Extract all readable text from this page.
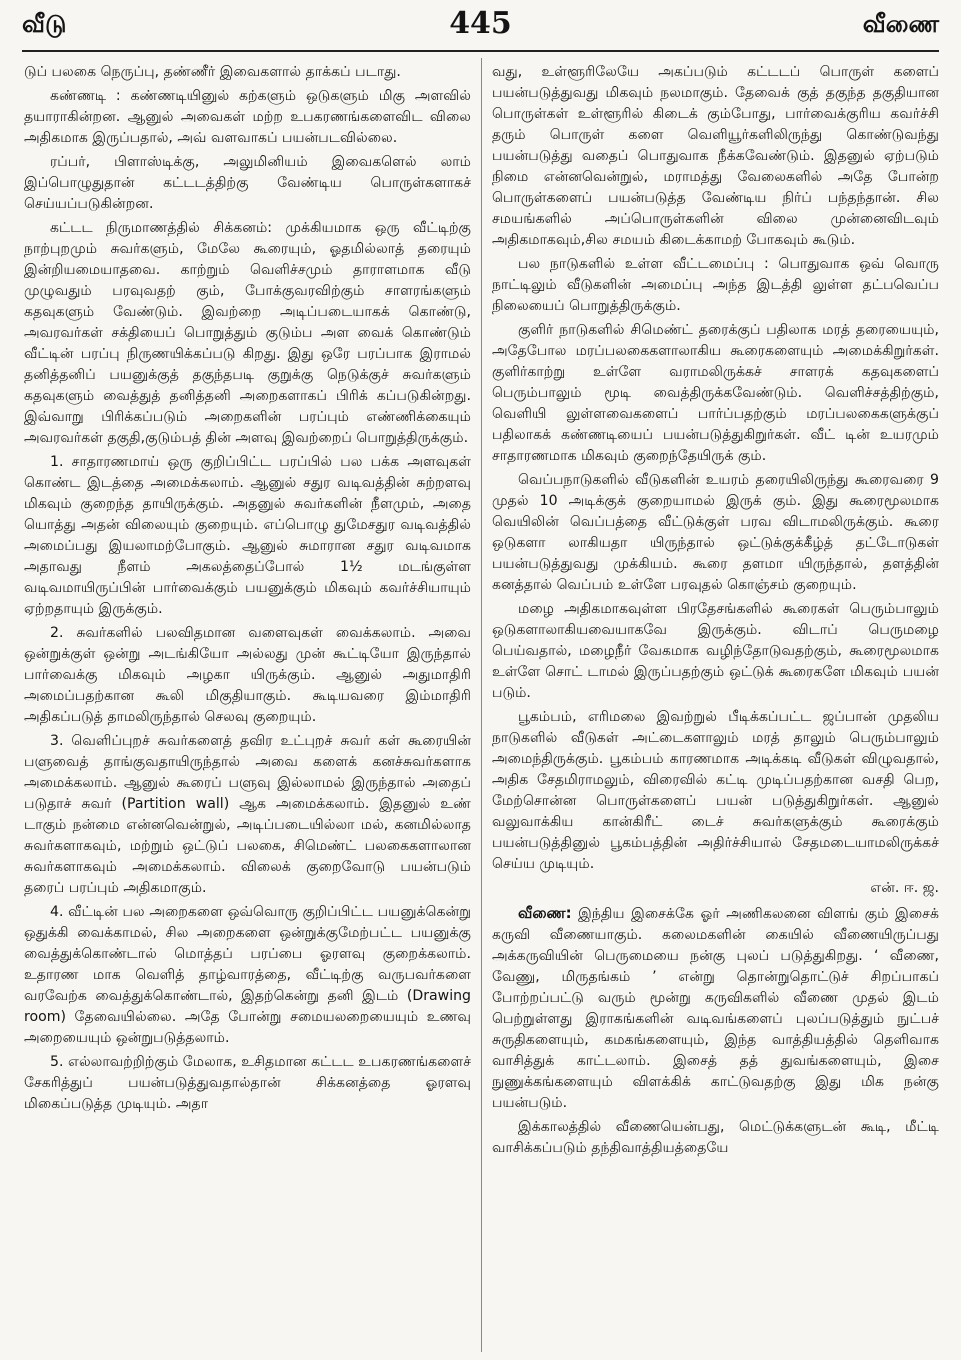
வீடு	445	வீணை

டுப் பலகை நெருப்பு, தண்ணீர் இவைகளால் தாக்கப் படாது.

கண்ணடி : கண்ணடியினுல் கற்களும் ஒடுகளும் மிகு அளவில் தயாராகின்றன. ஆனுல் அவைகள் மற்ற உபகரணங்களைவிட விலை அதிகமாக இருப்பதால், அவ் வளவாகப் பயன்படவில்லை.

ரப்பர், பிளாஸ்டிக்கு, அலுமினியம் இவைகளெல் லாம் இப்பொழுதுதான் கட்டடத்திற்கு வேண்டிய பொருள்களாகச் செய்யப்படுகின்றன.

கட்டட நிருமாணத்தில் சிக்கனம்: முக்கியமாக ஒரு வீட்டிற்கு நாற்புறமும் சுவர்களும், மேலே கூரையும், ஓதமில்லாத் தரையும் இன்றியமையாதவை. காற்றும் வெளிச்சமும் தாராளமாக வீடு முழுவதும் பரவுவதற் கும், போக்குவரவிற்கும் சாளரங்களும் கதவுகளும் வேண்டும். இவற்றை அடிப்படையாகக் கொண்டு, அவரவர்கள் சக்தியைப் பொறுத்தும் குடும்ப அள வைக் கொண்டும் வீட்டின் பரப்பு நிருணயிக்கப்படு கிறது. இது ஒரே பரப்பாக இராமல் தனித்தனிப் பயனுக்குத் தகுந்தபடி குறுக்கு நெடுக்குச் சுவர்களும் கதவுகளும் வைத்துத் தனித்தனி அறைகளாகப் பிரிக் கப்படுகின்றது. இவ்வாறு பிரிக்கப்படும் அறைகளின் பரப்பும் எண்ணிக்கையும் அவரவர்கள் தகுதி,குடும்பத் தின் அளவு இவற்றைப் பொறுத்திருக்கும்.

1. சாதாரணமாய் ஒரு குறிப்பிட்ட பரப்பில் பல பக்க அளவுகள் கொண்ட இடத்தை அமைக்கலாம். ஆனுல் சதுர வடிவத்தின் சுற்றளவு மிகவும் குறைந்த தாயிருக்கும். அதனுல் சுவர்களின் நீளமும், அதை யொத்து அதன் விலையும் குறையும். எப்பொழு துமேசதுர வடிவத்தில் அமைப்பது இயலாமற்போகும். ஆனுல் சுமாரான சதுர வடிவமாக அதாவது நீளம் அகலத்தைப்போல் 1½ மடங்குள்ள வடிவமாயிருப்பின் பார்வைக்கும் பயனுக்கும் மிகவும் கவர்ச்சியாயும் ஏற்றதாயும் இருக்கும்.

2. சுவர்களில் பலவிதமான வளைவுகள் வைக்கலாம். அவை ஒன்றுக்குள் ஒன்று அடங்கியோ அல்லது முன் கூட்டியோ இருந்தால் பார்வைக்கு மிகவும் அழகா யிருக்கும். ஆனுல் அதுமாதிரி அமைப்பதற்கான கூலி மிகுதியாகும். கூடியவரை இம்மாதிரி அதிகப்படுத் தாமலிருந்தால் செலவு குறையும்.

3. வெளிப்புறச் சுவர்களைத் தவிர உட்புறச் சுவர் கள் கூரையின் பளுவைத் தாங்குவதாயிருந்தால் அவை களைக் கனச்சுவர்களாக அமைக்கலாம். ஆனுல் கூரைப் பளுவு இல்லாமல் இருந்தால் அதைப் படுதாச் சுவர் (Partition wall) ஆக அமைக்கலாம். இதனுல் உண் டாகும் நன்மை என்னவென்றுல், அடிப்படையில்லா மல், கனமில்லாத சுவர்களாகவும், மற்றும் ஒட்டுப் பலகை, சிமெண்ட் பலகைகளாலான சுவர்களாகவும் அமைக்கலாம். விலைக் குறைவோடு பயன்படும் தரைப் பரப்பும் அதிகமாகும்.

4. வீட்டின் பல அறைகளை ஒவ்வொரு குறிப்பிட்ட பயனுக்கென்று ஒதுக்கி வைக்காமல், சில அறைகளை ஒன்றுக்குமேற்பட்ட பயனுக்கு வைத்துக்கொண்டால் மொத்தப் பரப்பை ஓரளவு குறைக்கலாம். உதாரண மாக வெளித் தாழ்வாரத்தை, வீட்டிற்கு வருபவர்களை வரவேற்க வைத்துக்கொண்டால், இதற்கென்று தனி இடம் (Drawing room) தேவையில்லை. அதே போன்று சமையலறையையும் உணவு அறையையும் ஒன்றுபடுத்தலாம்.

5. எல்லாவற்றிற்கும் மேலாக, உசிதமான கட்டட உபகரணங்களைச் சேகரித்துப் பயன்படுத்துவதால்தான் சிக்கனத்தை ஓரளவு மிகைப்படுத்த முடியும். அதா

வது, உள்ளூரிலேயே அகப்படும் கட்டடப் பொருள் களைப் பயன்படுத்துவது மிகவும் நலமாகும். தேவைக் குத் தகுந்த தகுதியான பொருள்கள் உள்ளூரில் கிடைக் கும்போது, பார்வைக்குரிய கவர்ச்சி தரும் பொருள் களை வெளியூர்களிலிருந்து கொண்டுவந்து பயன்படுத்து வதைப் பொதுவாக நீக்கவேண்டும். இதனுல் ஏற்படும் நிமை என்னவென்றுல், மராமத்து வேலைகளில் அதே போன்ற பொருள்களைப் பயன்படுத்த வேண்டிய நிர்ப் பந்தந்தான். சில சமயங்களில் அப்பொருள்களின் விலை முன்னைவிடவும் அதிகமாகவும்,சில சமயம் கிடைக்காமற் போகவும் கூடும்.

பல நாடுகளில் உள்ள வீட்டமைப்பு : பொதுவாக ஒவ் வொரு நாட்டிலும் வீடுகளின் அமைப்பு அந்த இடத்தி லுள்ள தட்பவெப்ப நிலையைப் பொறுத்திருக்கும்.

குளிர் நாடுகளில் சிமெண்ட் தரைக்குப் பதிலாக மரத் தரையையும், அதேபோல மரப்பலகைகளாலாகிய கூரைகளையும் அமைக்கிறுர்கள். குளிர்காற்று உள்ளே வராமலிருக்கச் சாளரக் கதவுகளைப் பெரும்பாலும் மூடி வைத்திருக்கவேண்டும். வெளிச்சத்திற்கும், வெளியி லுள்ளவைகளைப் பார்ப்பதற்கும் மரப்பலகைகளுக்குப் பதிலாகக் கண்ணடியைப் பயன்படுத்துகிறுர்கள். வீட் டின் உயரமும் சாதாரணமாக மிகவும் குறைந்தேயிருக் கும்.

வெப்பநாடுகளில் வீடுகளின் உயரம் தரையிலிருந்து கூரைவரை 9 முதல் 10 அடிக்குக் குறையாமல் இருக் கும். இது கூரைமூலமாக வெயிலின் வெப்பத்தை வீட்டுக்குள் பரவ விடாமலிருக்கும். கூரை ஒடுகளா லாகியதா யிருந்தால் ஒட்டுக்குக்கீழ்த் தட்டோடுகள் பயன்படுத்துவது முக்கியம். கூரை தளமா யிருந்தால், தளத்தின் கனத்தால் வெப்பம் உள்ளே பரவுதல் கொஞ்சம் குறையும்.

மழை அதிகமாகவுள்ள பிரதேசங்களில் கூரைகள் பெரும்பாலும் ஒடுகளாலாகியவையாகவே இருக்கும். விடாப் பெருமழை பெய்வதால், மழைநீர் வேகமாக வழிந்தோடுவதற்கும், கூரைமூலமாக உள்ளே சொட் டாமல் இருப்பதற்கும் ஒட்டுக் கூரைகளே மிகவும் பயன் படும்.

பூகம்பம், எரிமலை இவற்றுல் பீடிக்கப்பட்ட ஜப்பான் முதலிய நாடுகளில் வீடுகள் அட்டைகளாலும் மரத் தாலும் பெரும்பாலும் அமைந்திருக்கும். பூகம்பம் காரணமாக அடிக்கடி வீடுகள் விழுவதால், அதிக சேதமிராமலும், விரைவில் கட்டி முடிப்பதற்கான வசதி பெற, மேற்சொன்ன பொருள்களைப் பயன் படுத்துகிறுர்கள். ஆனுல் வலுவாக்கிய கான்கிரீட் டைச் சுவர்களுக்கும் கூரைக்கும் பயன்படுத்தினுல் பூகம்பத்தின் அதிர்ச்சியால் சேதமடையாமலிருக்கச் செய்ய முடியும்.

என். ஈ. ஜ.

வீணை: இந்திய இசைக்கே ஓர் அணிகலனை விளங் கும் இசைக் கருவி வீணையாகும். கலைமகளின் கையில் வீணையிருப்பது அக்கருவியின் பெருமையை நன்கு புலப் படுத்துகிறது. ‘ வீணை, வேணு, மிருதங்கம் ’ என்று தொன்றுதொட்டுச் சிறப்பாகப் போற்றப்பட்டு வரும் மூன்று கருவிகளில் வீணை முதல் இடம் பெற்றுள்ளது இராகங்களின் வடிவங்களைப் புலப்படுத்தும் நுட்பச் சுருதிகளையும், கமகங்களையும், இந்த வாத்தியத்தில் தெளிவாக வாசித்துக் காட்டலாம். இசைத் தத் துவங்களையும், இசை நுணுக்கங்களையும் விளக்கிக் காட்டுவதற்கு இது மிக நன்கு பயன்படும்.

இக்காலத்தில் வீணையென்பது, மெட்டுக்களுடன் கூடி, மீட்டி வாசிக்கப்படும் தந்திவாத்தியத்தையே
